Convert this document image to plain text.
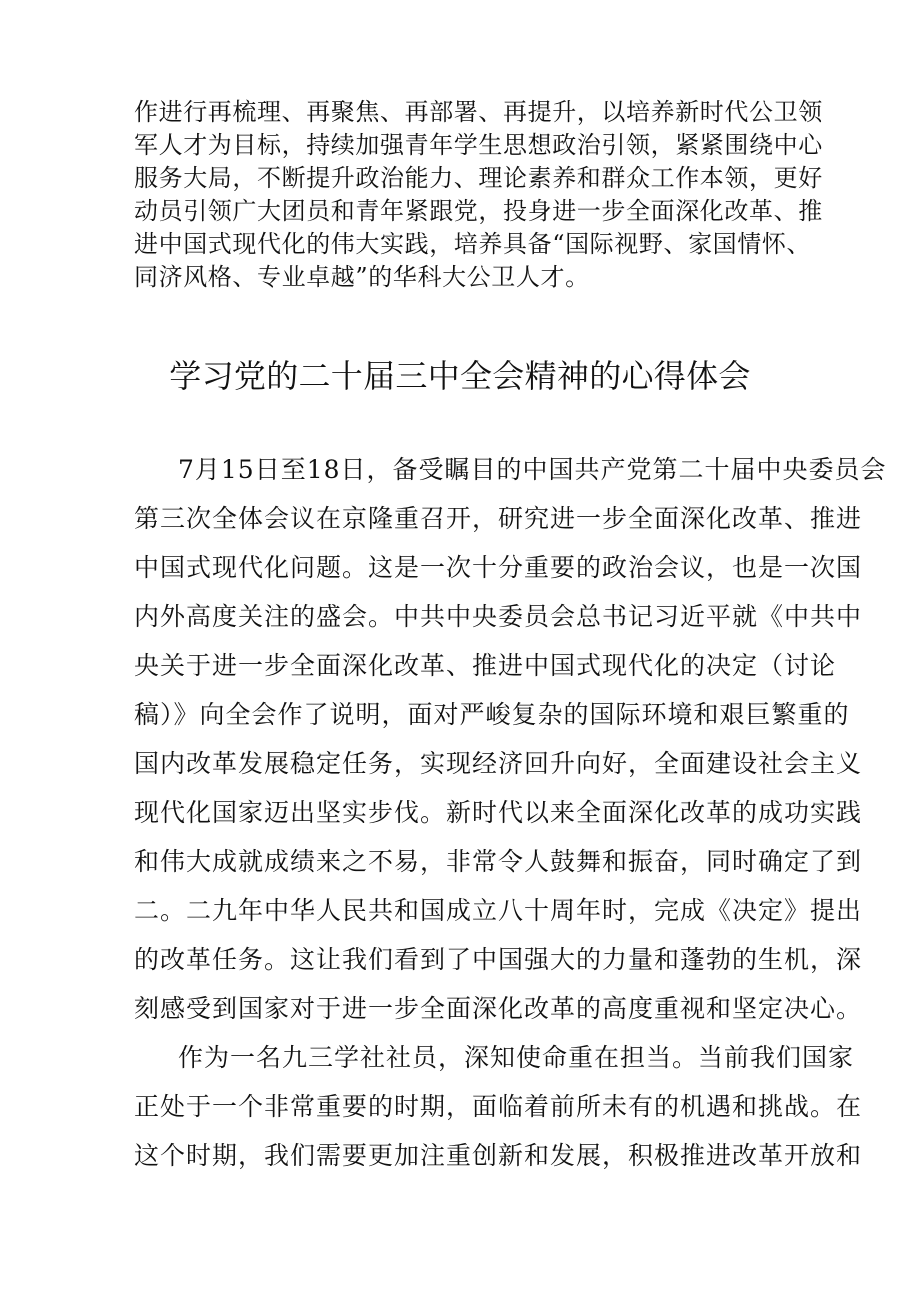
作进行再梳理、再聚焦、再部署、再提升，以培养新时代公卫领
军人才为目标，持续加强青年学生思想政治引领，紧紧围绕中心
服务大局，不断提升政治能力、理论素养和群众工作本领，更好
动员引领广大团员和青年紧跟党，投身进一步全面深化改革、推
进中国式现代化的伟大实践，培养具备“国际视野、家国情怀、
同济风格、专业卓越”的华科大公卫人才。
学习党的二十届三中全会精神的心得体会
7月15日至18日，备受瞩目的中国共产党第二十届中央委员会
第三次全体会议在京隆重召开，研究进一步全面深化改革、推进
中国式现代化问题。这是一次十分重要的政治会议，也是一次国
内外高度关注的盛会。中共中央委员会总书记习近平就《中共中
央关于进一步全面深化改革、推进中国式现代化的决定（讨论
稿）》向全会作了说明，面对严峻复杂的国际环境和艰巨繁重的
国内改革发展稳定任务，实现经济回升向好，全面建设社会主义
现代化国家迈出坚实步伐。新时代以来全面深化改革的成功实践
和伟大成就成绩来之不易，非常令人鼓舞和振奋，同时确定了到
二。二九年中华人民共和国成立八十周年时，完成《决定》提出
的改革任务。这让我们看到了中国强大的力量和蓬勃的生机，深
刻感受到国家对于进一步全面深化改革的高度重视和坚定决心。
作为一名九三学社社员，深知使命重在担当。当前我们国家
正处于一个非常重要的时期，面临着前所未有的机遇和挑战。在
这个时期，我们需要更加注重创新和发展，积极推进改革开放和
